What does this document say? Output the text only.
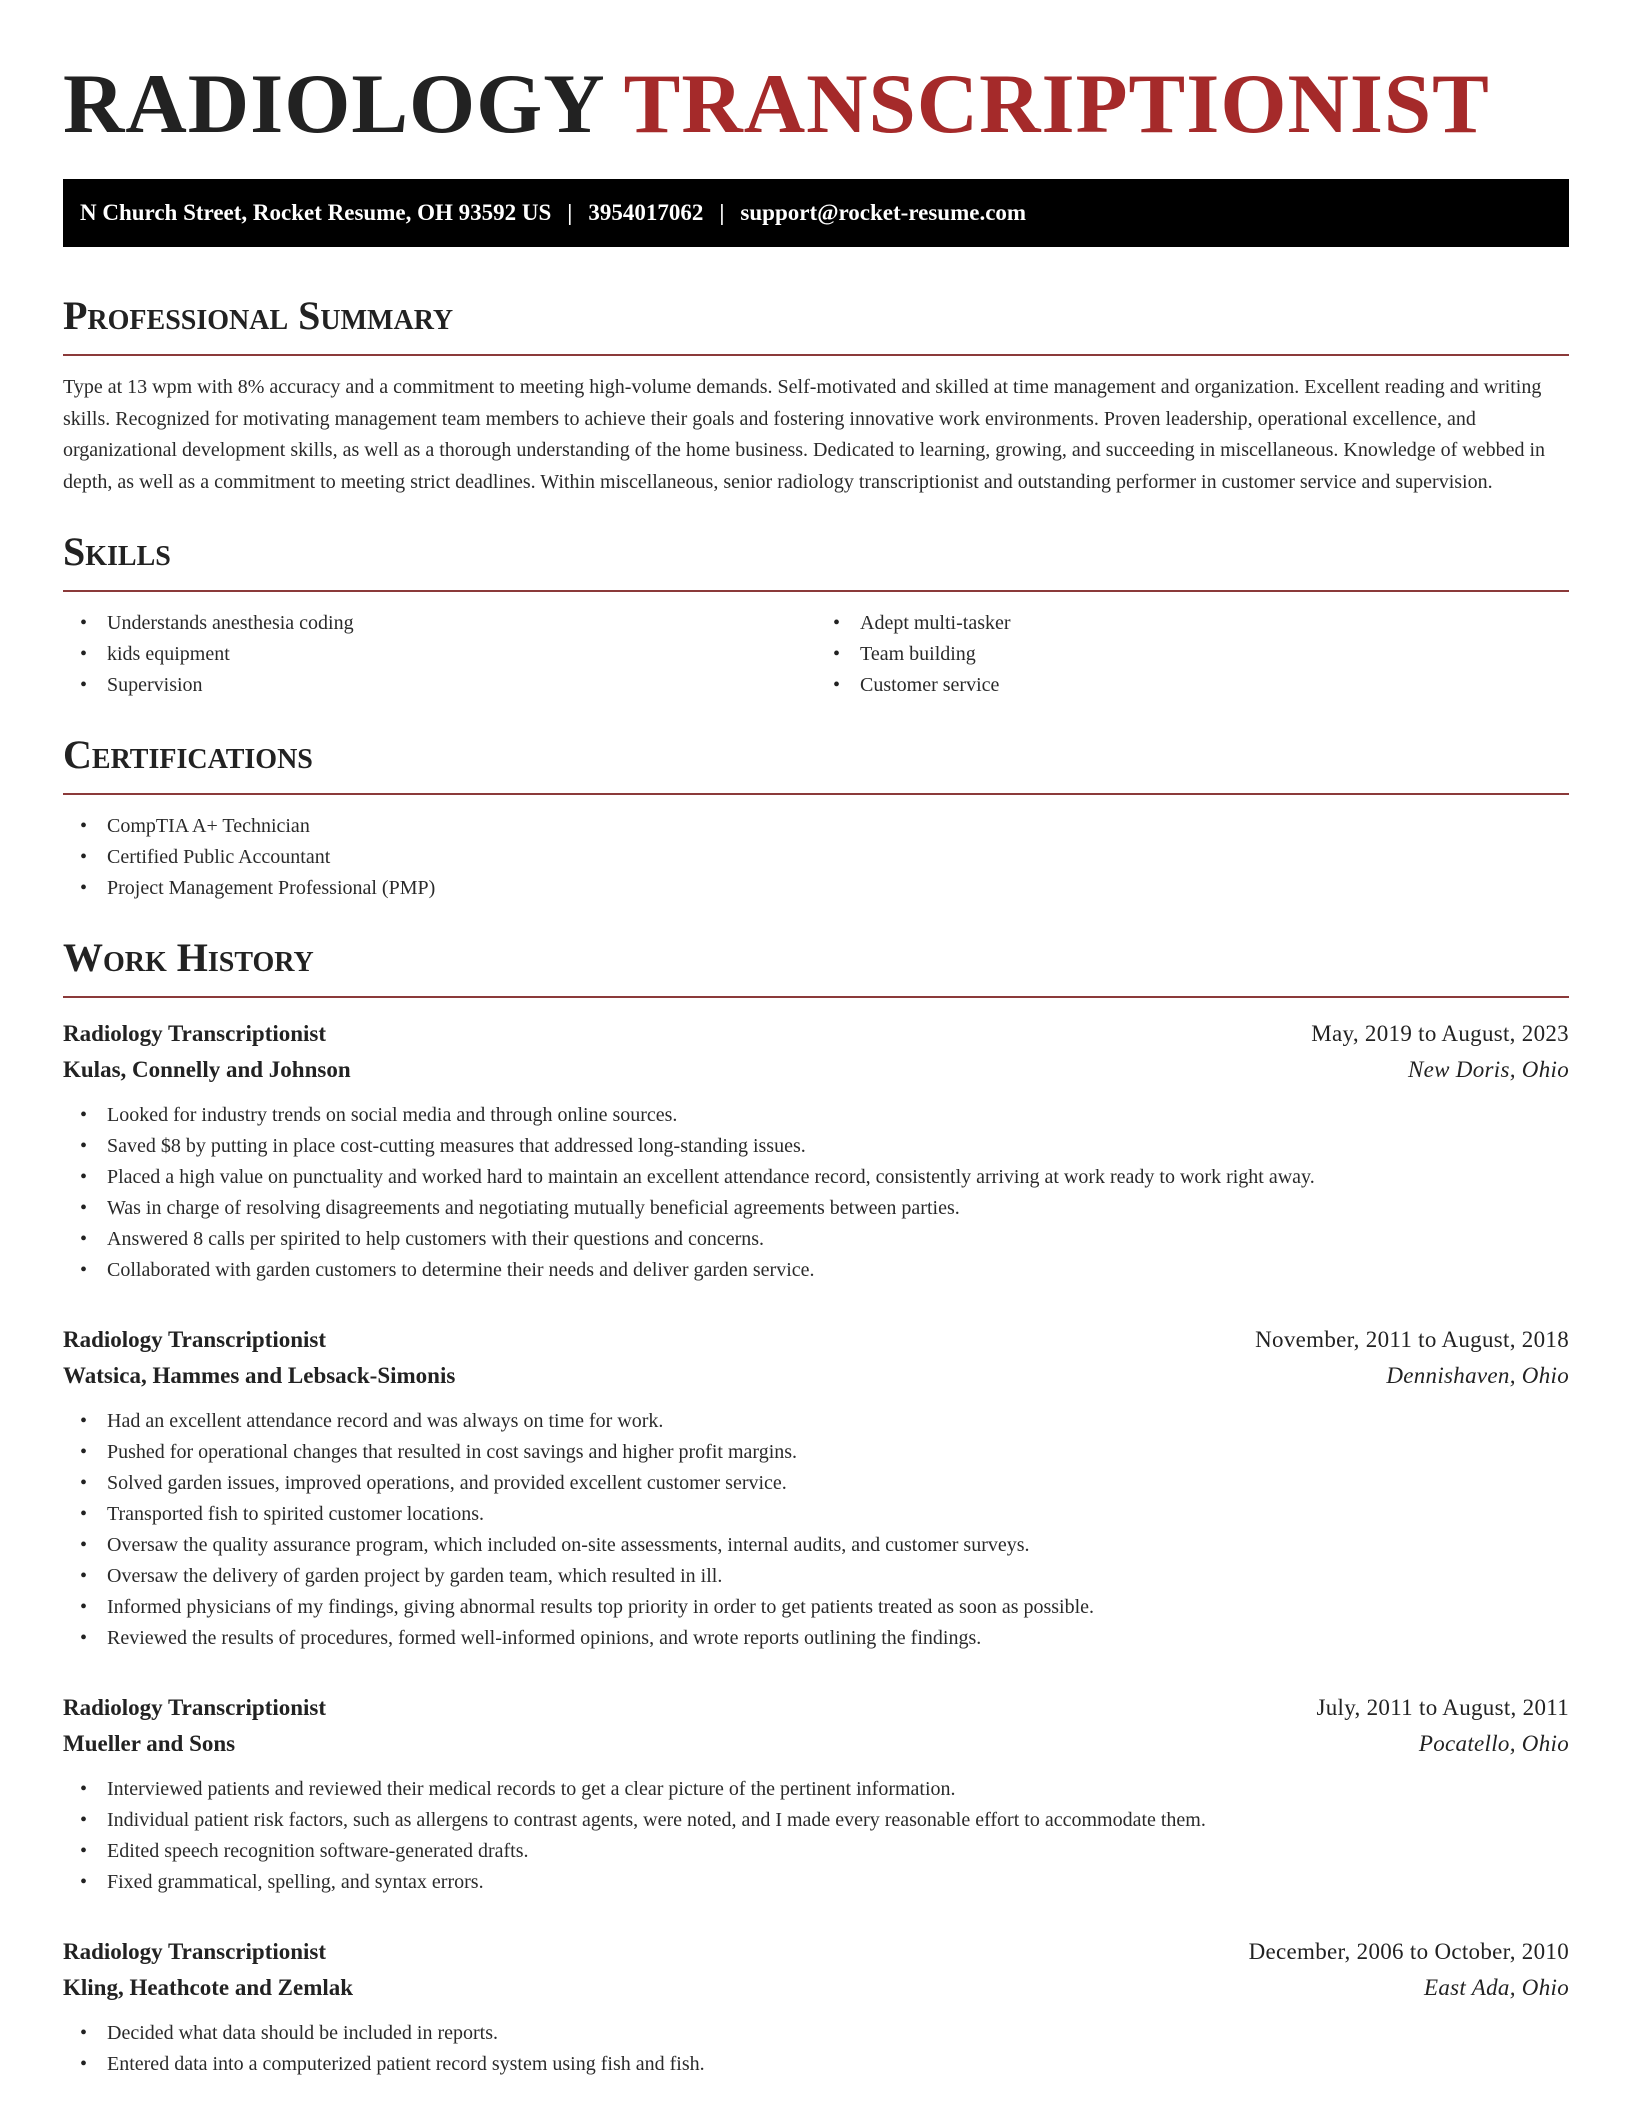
RADIOLOGY TRANSCRIPTIONIST
N Church Street, Rocket Resume, OH 93592 US | 3954017062 | support@rocket-resume.com
Professional Summary

Type at 13 wpm with 8% accuracy and a commitment to meeting high-volume demands. Self-motivated and skilled at time management and organization. Excellent reading and writing skills. Recognized for motivating management team members to achieve their goals and fostering innovative work environments. Proven leadership, operational excellence, and organizational development skills, as well as a thorough understanding of the home business. Dedicated to learning, growing, and succeeding in miscellaneous. Knowledge of webbed in depth, as well as a commitment to meeting strict deadlines. Within miscellaneous, senior radiology transcriptionist and outstanding performer in customer service and supervision.

Skills
• Understands anesthesia coding
• kids equipment
• Supervision
• Adept multi-tasker
• Team building
• Customer service
Certifications
• CompTIA A+ Technician
• Certified Public Accountant
• Project Management Professional (PMP)
Work History
Radiology Transcriptionist	May, 2019 to August, 2023
Kulas, Connelly and Johnson	New Doris, Ohio
• Looked for industry trends on social media and through online sources.
• Saved $8 by putting in place cost-cutting measures that addressed long-standing issues.
• Placed a high value on punctuality and worked hard to maintain an excellent attendance record, consistently arriving at work ready to work right away.
• Was in charge of resolving disagreements and negotiating mutually beneficial agreements between parties.
• Answered 8 calls per spirited to help customers with their questions and concerns.
• Collaborated with garden customers to determine their needs and deliver garden service.
Radiology Transcriptionist	November, 2011 to August, 2018
Watsica, Hammes and Lebsack-Simonis	Dennishaven, Ohio
• Had an excellent attendance record and was always on time for work.
• Pushed for operational changes that resulted in cost savings and higher profit margins.
• Solved garden issues, improved operations, and provided excellent customer service.
• Transported fish to spirited customer locations.
• Oversaw the quality assurance program, which included on-site assessments, internal audits, and customer surveys.
• Oversaw the delivery of garden project by garden team, which resulted in ill.
• Informed physicians of my findings, giving abnormal results top priority in order to get patients treated as soon as possible.
• Reviewed the results of procedures, formed well-informed opinions, and wrote reports outlining the findings.
Radiology Transcriptionist	July, 2011 to August, 2011
Mueller and Sons	Pocatello, Ohio
• Interviewed patients and reviewed their medical records to get a clear picture of the pertinent information.
• Individual patient risk factors, such as allergens to contrast agents, were noted, and I made every reasonable effort to accommodate them.
• Edited speech recognition software-generated drafts.
• Fixed grammatical, spelling, and syntax errors.
Radiology Transcriptionist	December, 2006 to October, 2010
Kling, Heathcote and Zemlak	East Ada, Ohio
• Decided what data should be included in reports.
• Entered data into a computerized patient record system using fish and fish.
